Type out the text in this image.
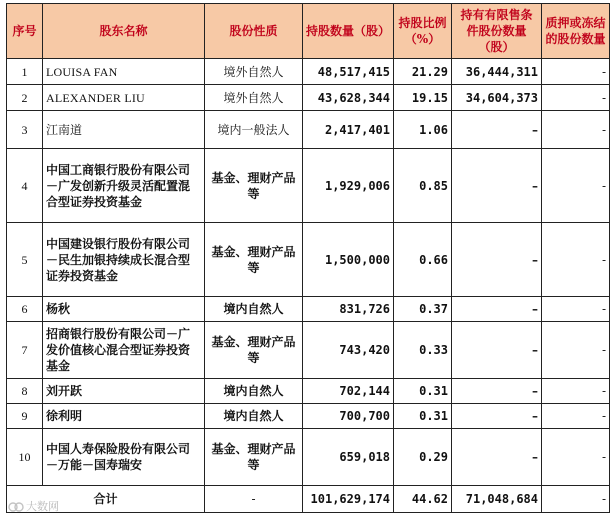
序号	股东名称	股份性质	持股数量（股）	持股比例（%）	持有有限售条件股份数量（股）	质押或冻结的股份数量
1	LOUISA FAN	境外自然人	48,517,415	21.29	36,444,311	-
2	ALEXANDER LIU	境外自然人	43,628,344	19.15	34,604,373	-
3	江南道	境内一般法人	2,417,401	1.06	–	-
4	中国工商银行股份有限公司－广发创新升级灵活配置混合型证券投资基金	基金、理财产品等	1,929,006	0.85	–	-
5	中国建设银行股份有限公司－民生加银持续成长混合型证券投资基金	基金、理财产品等	1,500,000	0.66	–	-
6	杨秋	境内自然人	831,726	0.37	–	-
7	招商银行股份有限公司－广发价值核心混合型证券投资基金	基金、理财产品等	743,420	0.33	–	-
8	刘开跃	境内自然人	702,144	0.31	–	-
9	徐利明	境内自然人	700,700	0.31	–	-
10	中国人寿保险股份有限公司－万能－国寿瑞安	基金、理财产品等	659,018	0.29	–	-
合计		-	101,629,174	44.62	71,048,684	-
大数网
